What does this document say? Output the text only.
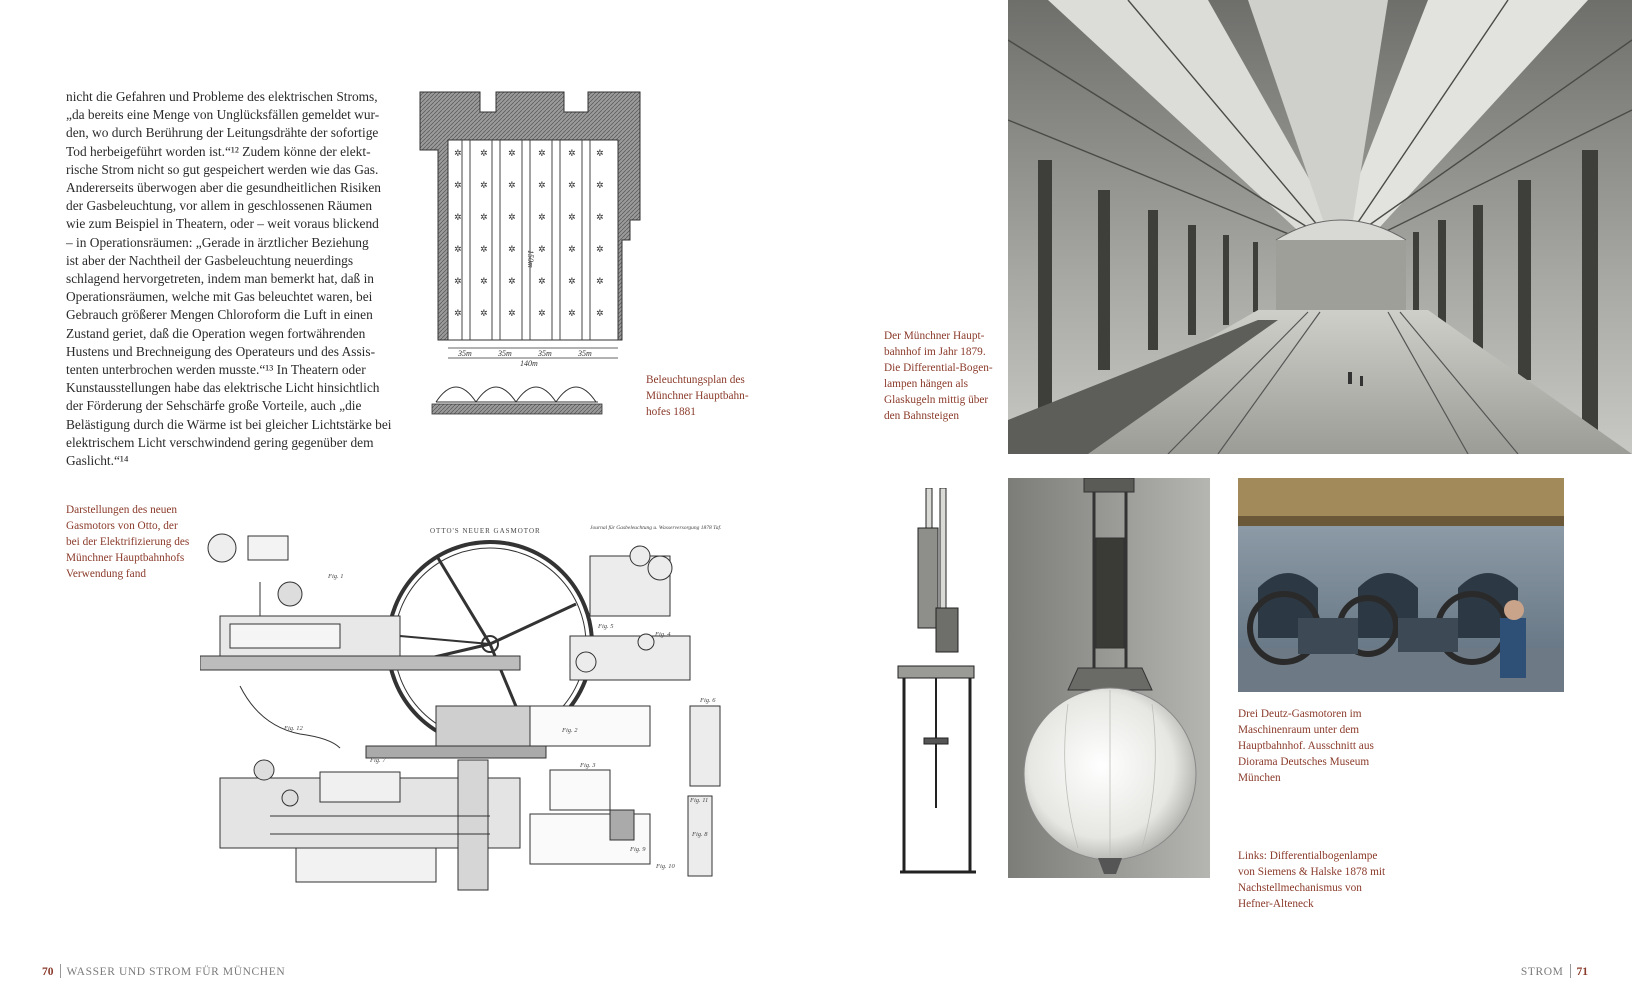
nicht die Gefahren und Probleme des elektrischen Stroms,

„da bereits eine Menge von Unglücksfällen gemeldet wur-

den, wo durch Berührung der Leitungsdrähte der sofortige

Tod herbeigeführt worden ist.“¹² Zudem könne der elekt-

rische Strom nicht so gut gespeichert werden wie das Gas.

Andererseits überwogen aber die gesundheitlichen Risiken

der Gasbeleuchtung, vor allem in geschlossenen Räumen

wie zum Beispiel in Theatern, oder – weit voraus blickend

– in Operationsräumen: „Gerade in ärztlicher Beziehung

ist aber der Nachtheil der Gasbeleuchtung neuerdings

schlagend hervorgetreten, indem man bemerkt hat, daß in

Operationsräumen, welche mit Gas beleuchtet waren, bei

Gebrauch größerer Mengen Chloroform die Luft in einen

Zustand geriet, daß die Operation wegen fortwährenden

Hustens und Brechneigung des Operateurs und des Assis-

tenten unterbrochen werden musste.“¹³ In Theatern oder

Kunstausstellungen habe das elektrische Licht hinsichtlich

der Förderung der Sehschärfe große Vorteile, auch „die

Belästigung durch die Wärme ist bei gleicher Lichtstärke bei

elektrischem Licht verschwindend gering gegenüber dem

Gaslicht.“¹⁴

✲ ✲ ✲ ✲ ✲ ✲
✲ ✲ ✲ ✲ ✲ ✲
✲ ✲ ✲ ✲ ✲ ✲
✲ ✲ ✲ ✲ ✲ ✲
✲ ✲ ✲ ✲ ✲ ✲
✲ ✲ ✲ ✲ ✲ ✲
35m	35m	35m	35m
140m
150m

Beleuchtungsplan des

Münchner Hauptbahn-

hofes 1881

Darstellungen des neuen

Gasmotors von Otto, der

bei der Elektrifizierung des

Münchner Hauptbahnhofs

Verwendung fand

OTTO'S NEUER GASMOTOR	Journal für Gasbeleuchtung u. Wasserversorgung 1878 Taf.
Fig. 1
Fig. 2
Fig. 3
Fig. 4
Fig. 5
Fig. 6
Fig. 7
Fig. 8
Fig. 9
Fig. 10
Fig. 11
Fig. 12

Der Münchner Haupt-

bahnhof im Jahr 1879.

Die Differential-Bogen-

lampen hängen als

Glaskugeln mittig über

den Bahnsteigen

Drei Deutz-Gasmotoren im

Maschinenraum unter dem

Hauptbahnhof. Ausschnitt aus

Diorama Deutsches Museum

München

Links: Differentialbogenlampe

von Siemens & Halske 1878 mit

Nachstellmechanismus von

Hefner-Alteneck

70 WASSER UND STROM FÜR MÜNCHEN	STROM 71
